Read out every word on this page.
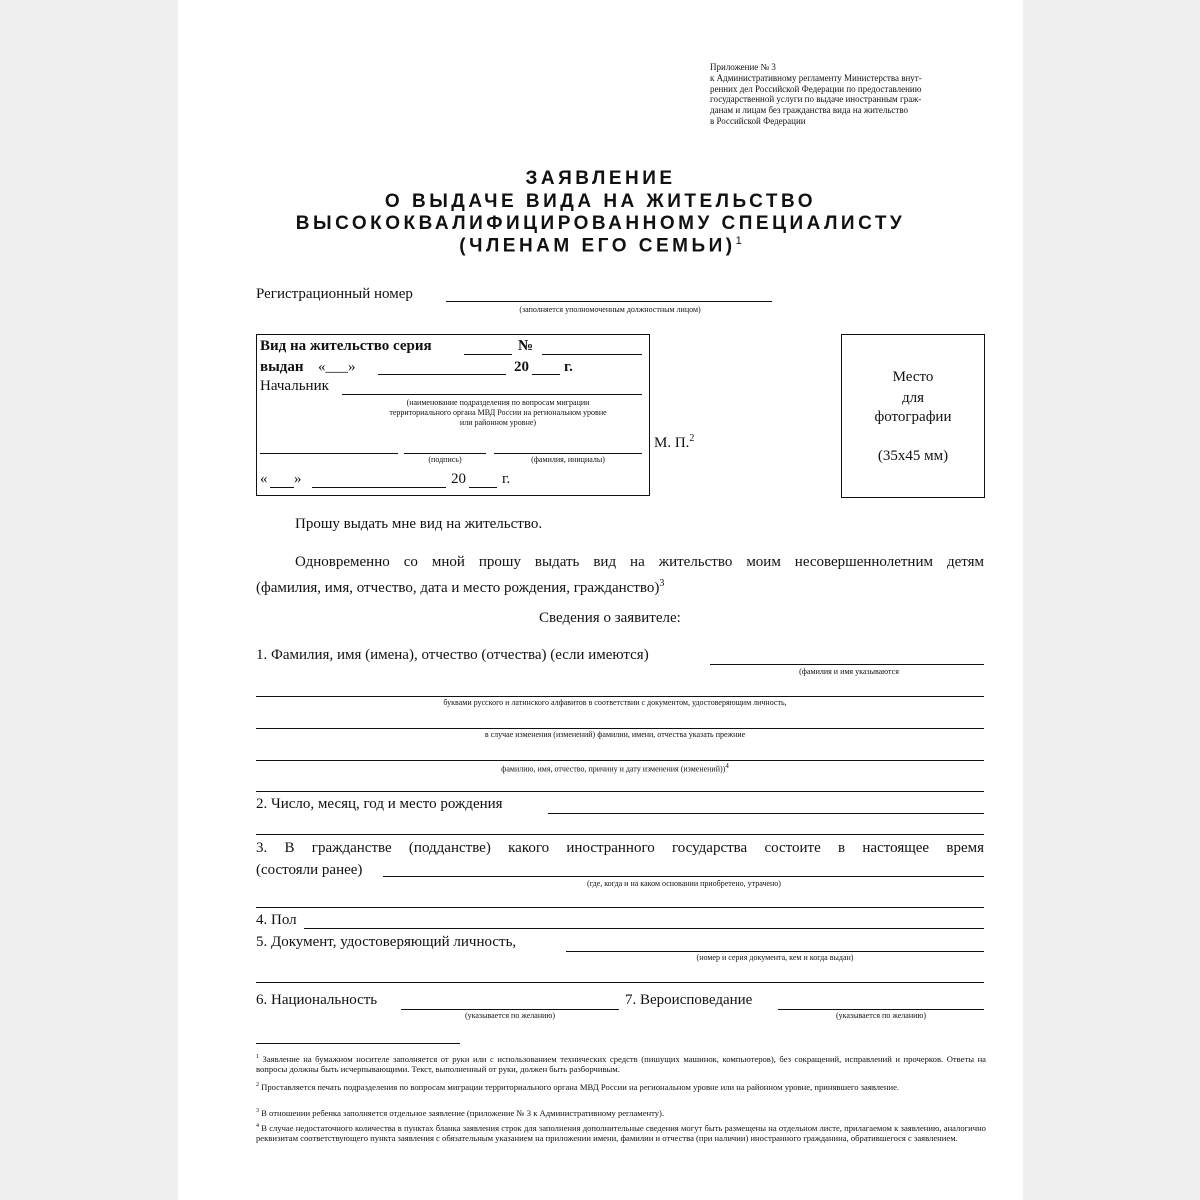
Приложение № 3
к Административному регламенту Министерства внут-
ренних дел Российской Федерации по предоставлению
государственной услуги по выдаче иностранным граж-
данам и лицам без гражданства вида на жительство
в Российской Федерации
ЗАЯВЛЕНИЕ
О ВЫДАЧЕ ВИДА НА ЖИТЕЛЬСТВО
ВЫСОКОКВАЛИФИЦИРОВАННОМУ СПЕЦИАЛИСТУ
(ЧЛЕНАМ ЕГО СЕМЬИ)$^1$
Регистрационный номер
(заполняется уполномоченным должностным лицом)
Вид на жительство серия	№
выдан «___»	20 г.
Начальник
(наименование подразделения по вопросам миграции
территориального органа МВД России на региональном уровне
или районном уровне)
(подпись)	(фамилия, инициалы)
« »	20 г.
М. П.$^2$
Место
для
фотографии
(35х45 мм)
Прошу выдать мне вид на жительство.
Одновременно со мной прошу выдать вид на жительство моим несовершеннолетним детям
(фамилия, имя, отчество, дата и место рождения, гражданство)$^3$
Сведения о заявителе:
1. Фамилия, имя (имена), отчество (отчества) (если имеются)
(фамилия и имя указываются
буквами русского и латинского алфавитов в соответствии с документом, удостоверяющим личность,
в случае изменения (изменений) фамилии, имени, отчества указать прежние
фамилию, имя, отчество, причину и дату изменения (изменений))$^4$
2. Число, месяц, год и место рождения
3. В гражданстве (подданстве) какого иностранного государства состоите в настоящее время
(состояли ранее)
(где, когда и на каком основании приобретено, утрачено)
4. Пол
5. Документ, удостоверяющий личность,
(номер и серия документа, кем и когда выдан)
6. Национальность
(указывается по желанию)
7. Вероисповедание
(указывается по желанию)
$^1$ Заявление на бумажном носителе заполняется от руки или с использованием технических средств (пишущих машинок, компьютеров), без сокращений, исправлений и прочерков. Ответы на вопросы должны быть исчерпывающими. Текст, выполненный от руки, должен быть разборчивым.
$^2$ Проставляется печать подразделения по вопросам миграции территориального органа МВД России на региональном уровне или на районном уровне, принявшего заявление.
$^3$ В отношении ребенка заполняется отдельное заявление (приложение № 3 к Административному регламенту).
$^4$ В случае недостаточного количества в пунктах бланка заявления строк для заполнения дополнительные сведения могут быть размещены на отдельном листе, прилагаемом к заявлению, аналогично реквизитам соответствующего пункта заявления с обязательным указанием на приложении имени, фамилии и отчества (при наличии) иностранного гражданина, обратившегося с заявлением.
